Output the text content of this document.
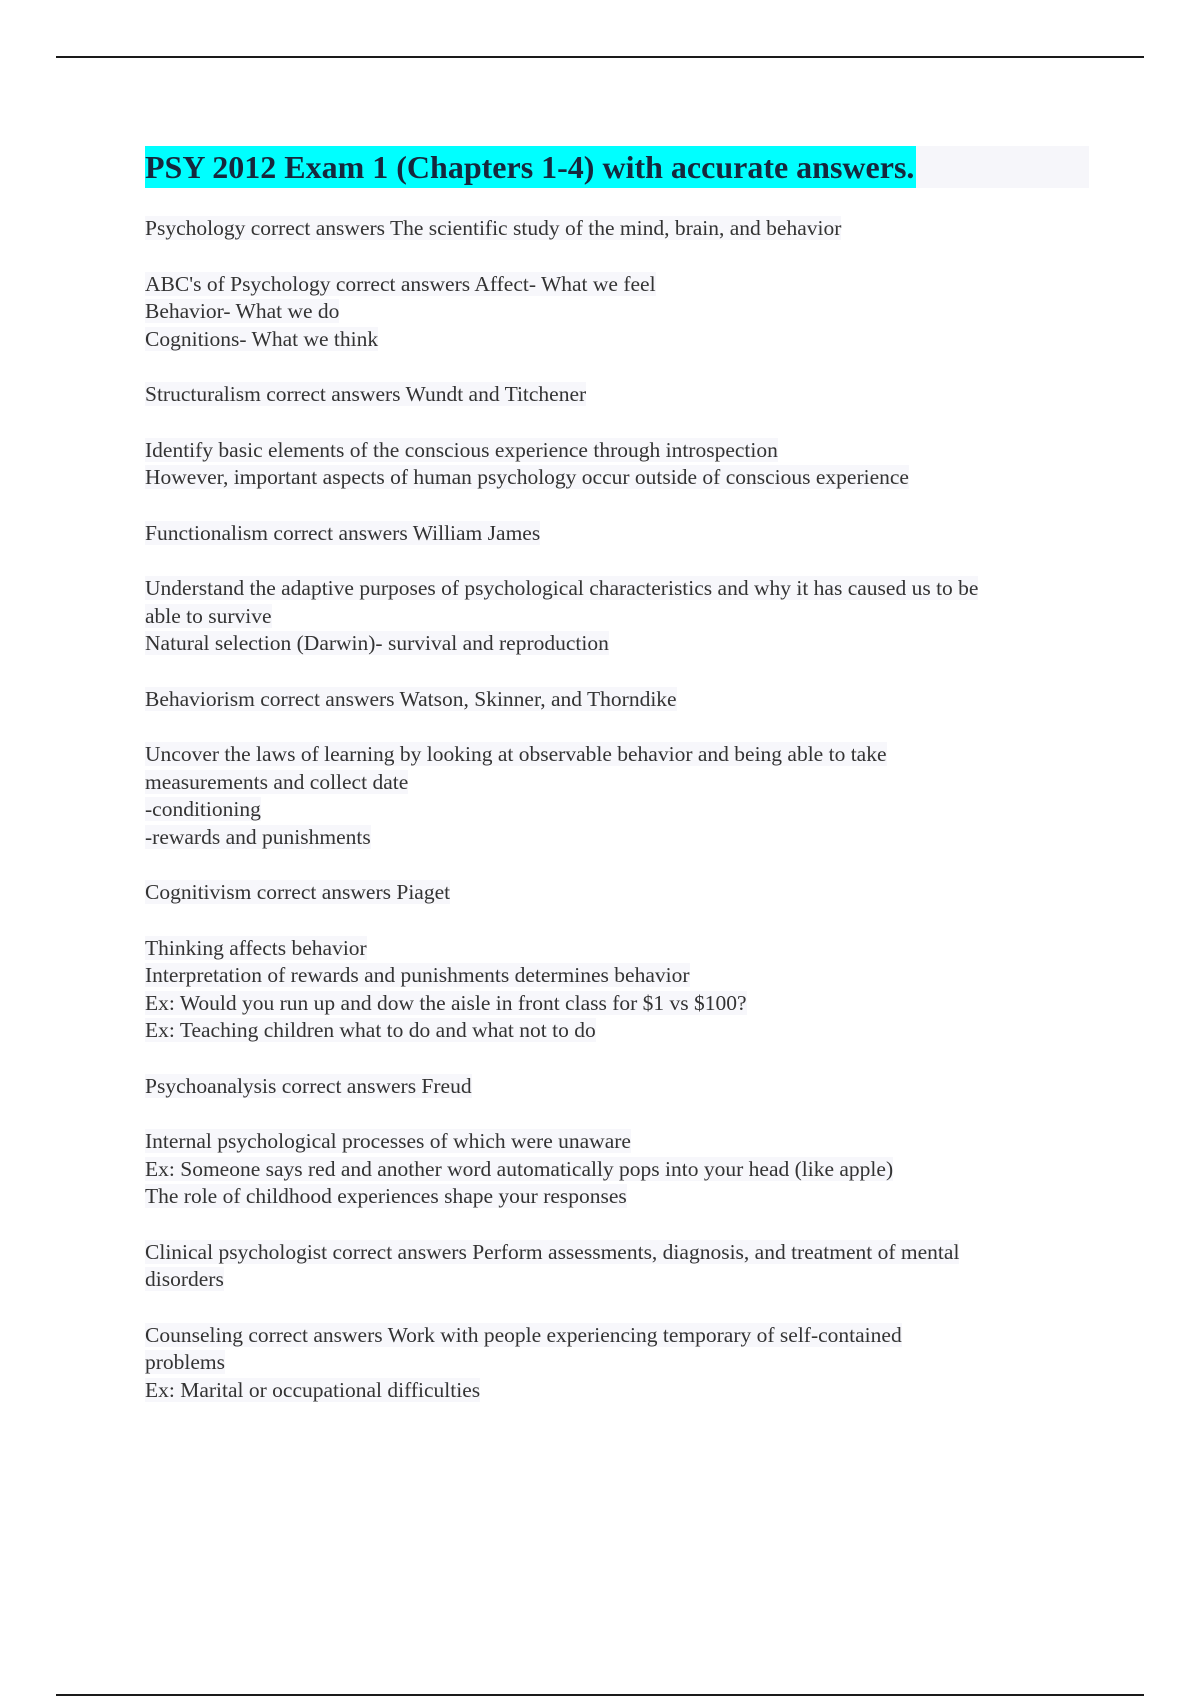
PSY 2012 Exam 1 (Chapters 1-4) with accurate answers.
Psychology correct answers The scientific study of the mind, brain, and behavior
ABC's of Psychology correct answers Affect- What we feel
Behavior- What we do
Cognitions- What we think
Structuralism correct answers Wundt and Titchener
Identify basic elements of the conscious experience through introspection
However, important aspects of human psychology occur outside of conscious experience
Functionalism correct answers William James
Understand the adaptive purposes of psychological characteristics and why it has caused us to be
able to survive
Natural selection (Darwin)- survival and reproduction
Behaviorism correct answers Watson, Skinner, and Thorndike
Uncover the laws of learning by looking at observable behavior and being able to take
measurements and collect date
-conditioning
-rewards and punishments
Cognitivism correct answers Piaget
Thinking affects behavior
Interpretation of rewards and punishments determines behavior
Ex: Would you run up and dow the aisle in front class for $1 vs $100?
Ex: Teaching children what to do and what not to do
Psychoanalysis correct answers Freud
Internal psychological processes of which were unaware
Ex: Someone says red and another word automatically pops into your head (like apple)
The role of childhood experiences shape your responses
Clinical psychologist correct answers Perform assessments, diagnosis, and treatment of mental
disorders
Counseling correct answers Work with people experiencing temporary of self-contained
problems
Ex: Marital or occupational difficulties
